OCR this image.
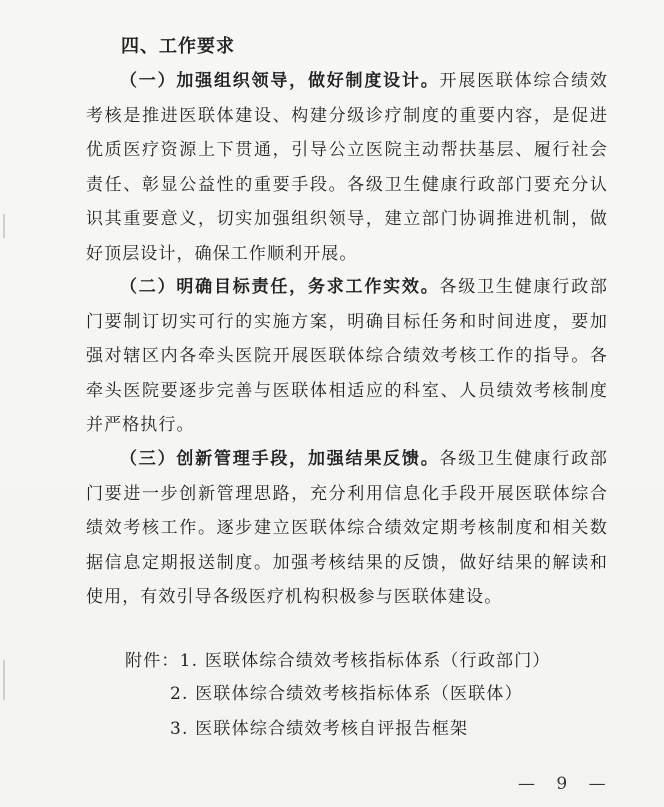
四、工作要求

（一）加强组织领导，做好制度设计。开展医联体综合绩效考核是推进医联体建设、构建分级诊疗制度的重要内容，是促进优质医疗资源上下贯通，引导公立医院主动帮扶基层、履行社会责任、彰显公益性的重要手段。各级卫生健康行政部门要充分认识其重要意义，切实加强组织领导，建立部门协调推进机制，做好顶层设计，确保工作顺利开展。

（二）明确目标责任，务求工作实效。各级卫生健康行政部门要制订切实可行的实施方案，明确目标任务和时间进度，要加强对辖区内各牵头医院开展医联体综合绩效考核工作的指导。各牵头医院要逐步完善与医联体相适应的科室、人员绩效考核制度并严格执行。

（三）创新管理手段，加强结果反馈。各级卫生健康行政部门要进一步创新管理思路，充分利用信息化手段开展医联体综合绩效考核工作。逐步建立医联体综合绩效定期考核制度和相关数据信息定期报送制度。加强考核结果的反馈，做好结果的解读和使用，有效引导各级医疗机构积极参与医联体建设。

附件：1. 医联体综合绩效考核指标体系（行政部门）

2. 医联体综合绩效考核指标体系（医联体）

3. 医联体综合绩效考核自评报告框架

— 9 —
